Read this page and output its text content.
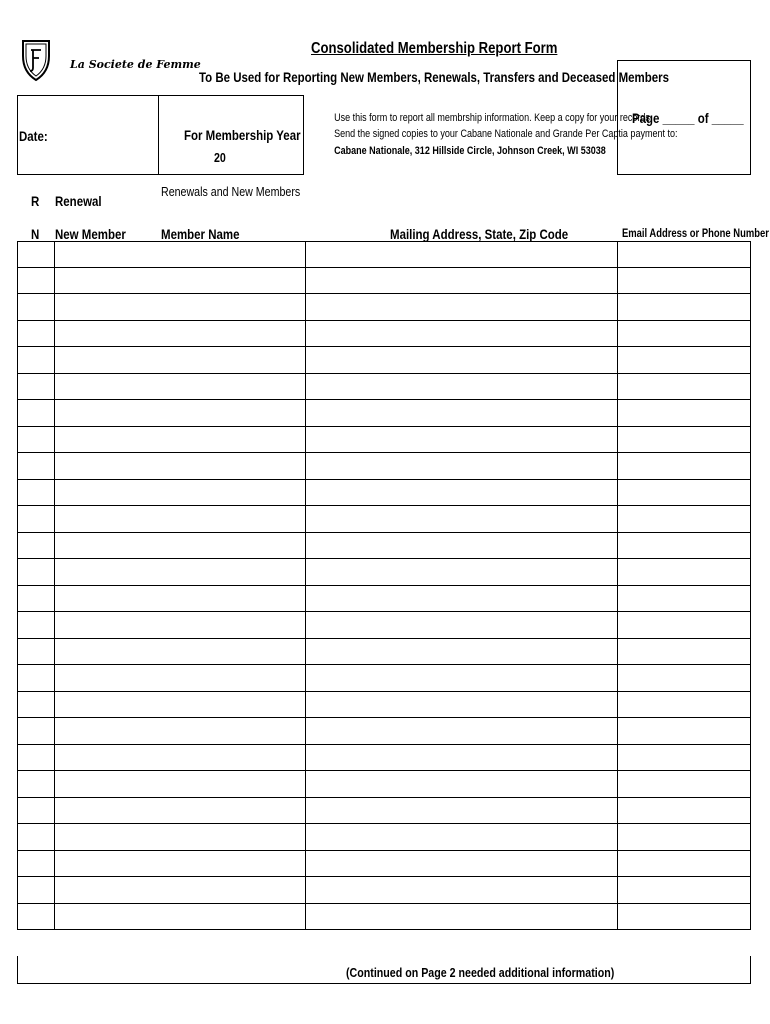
La Societe de Femme
Consolidated Membership Report Form
To Be Used for Reporting New Members, Renewals, Transfers and Deceased Members
Date:	For Membership Year
20
Use this form to report all membrship information. Keep a copy for your records.
Send the signed copies to your Cabane Nationale and Grande Per Captia payment to:
Cabane Nationale, 312 Hillside Circle, Johnson Creek, WI 53038
Page _____ of _____
R Renewal
Renewals and New Members
N New Member	Member Name	Mailing Address, State, Zip Code	Email Address or Phone Number
(Continued on Page 2 needed additional information)
